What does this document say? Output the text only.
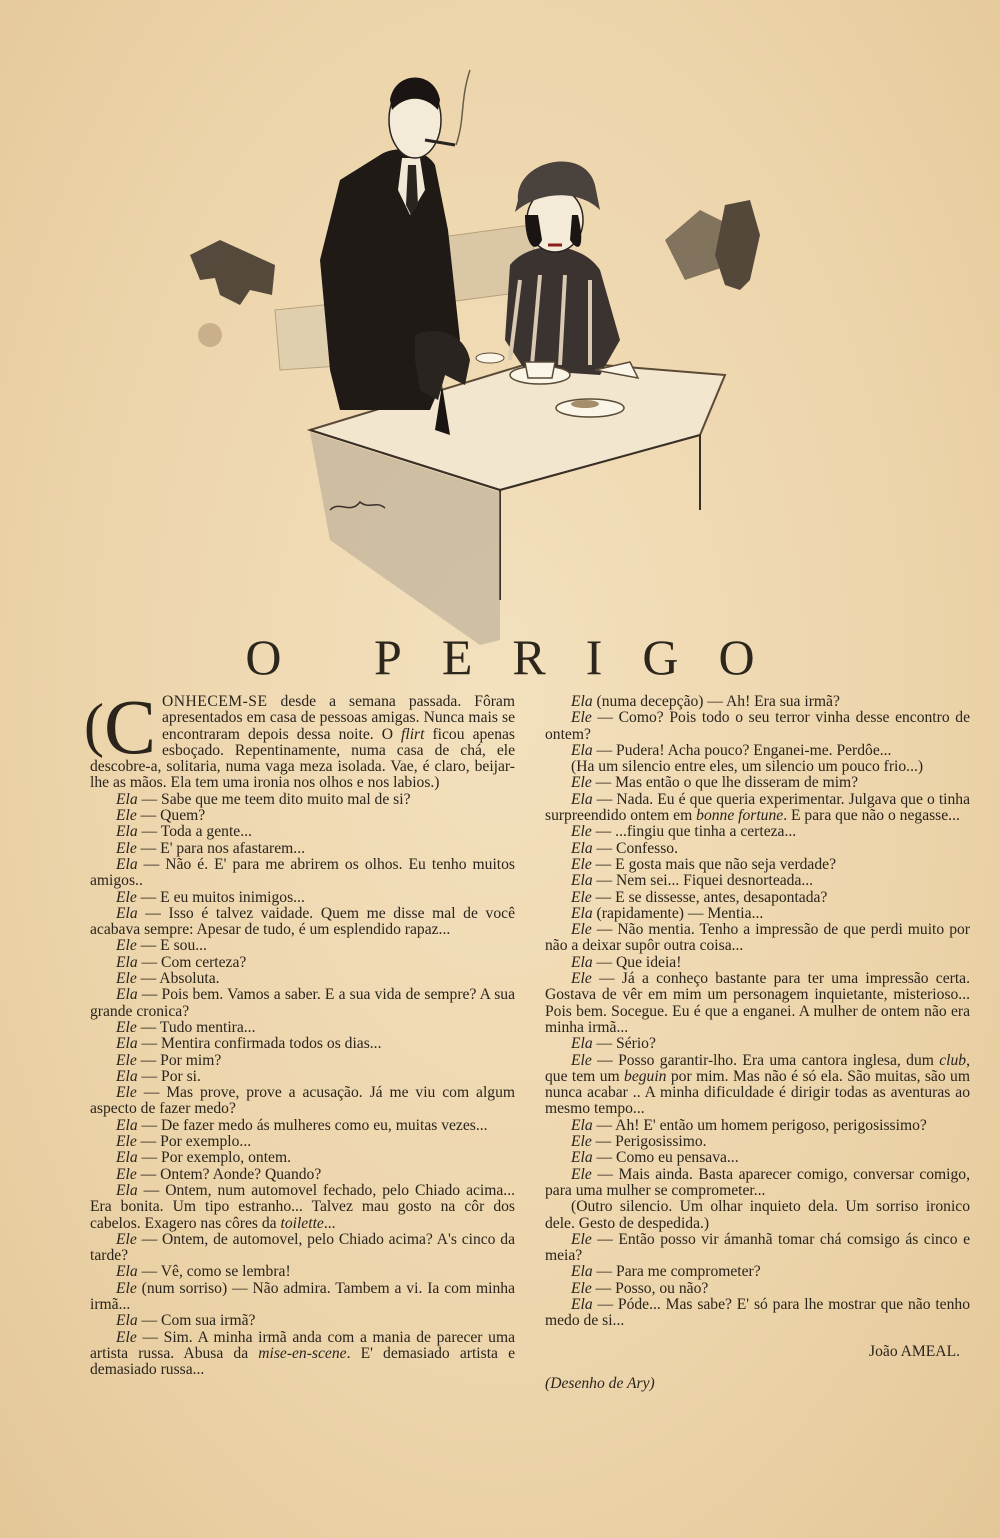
O PERIGO

(C ONHECEM-SE desde a semana passada. Fôram apresentados em casa de pessoas amigas. Nunca mais se encontraram depois dessa noite. O flirt ficou apenas esboçado. Repentinamente, numa casa de chá, ele descobre-a, solitaria, numa vaga meza isolada. Vae, é claro, beijar-lhe as mãos. Ela tem uma ironia nos olhos e nos labios.)

Ela — Sabe que me teem dito muito mal de si?

Ele — Quem?

Ela — Toda a gente...

Ele — E' para nos afastarem...

Ela — Não é. E' para me abrirem os olhos. Eu tenho muitos amigos..

Ele — E eu muitos inimigos...

Ela — Isso é talvez vaidade. Quem me disse mal de você acabava sempre: Apesar de tudo, é um esplendido rapaz...

Ele — E sou...

Ela — Com certeza?

Ele — Absoluta.

Ela — Pois bem. Vamos a saber. E a sua vida de sempre? A sua grande cronica?

Ele — Tudo mentira...

Ela — Mentira confirmada todos os dias...

Ele — Por mim?

Ela — Por si.

Ele — Mas prove, prove a acusação. Já me viu com algum aspecto de fazer medo?

Ela — De fazer medo ás mulheres como eu, muitas vezes...

Ele — Por exemplo...

Ela — Por exemplo, ontem.

Ele — Ontem? Aonde? Quando?

Ela — Ontem, num automovel fechado, pelo Chiado acima... Era bonita. Um tipo estranho... Talvez mau gosto na côr dos cabelos. Exagero nas côres da toilette...

Ele — Ontem, de automovel, pelo Chiado acima? A's cinco da tarde?

Ela — Vê, como se lembra!

Ele (num sorriso) — Não admira. Tambem a vi. Ia com minha irmã...

Ela — Com sua irmã?

Ele — Sim. A minha irmã anda com a mania de parecer uma artista russa. Abusa da mise-en-scene. E' demasiado artista e demasiado russa...

Ela (numa decepção) — Ah! Era sua irmã?

Ele — Como? Pois todo o seu terror vinha desse encontro de ontem?

Ela — Pudera! Acha pouco? Enganei-me. Perdôe...

(Ha um silencio entre eles, um silencio um pouco frio...)

Ele — Mas então o que lhe disseram de mim?

Ela — Nada. Eu é que queria experimentar. Julgava que o tinha surpreendido ontem em bonne fortune. E para que não o negasse...

Ele — ...fingiu que tinha a certeza...

Ela — Confesso.

Ele — E gosta mais que não seja verdade?

Ela — Nem sei... Fiquei desnorteada...

Ele — E se dissesse, antes, desapontada?

Ela (rapidamente) — Mentia...

Ele — Não mentia. Tenho a impressão de que perdi muito por não a deixar supôr outra coisa...

Ela — Que ideia!

Ele — Já a conheço bastante para ter uma impressão certa. Gostava de vêr em mim um personagem inquietante, misterioso... Pois bem. Socegue. Eu é que a enganei. A mulher de ontem não era minha irmã...

Ela — Sério?

Ele — Posso garantir-lho. Era uma cantora inglesa, dum club, que tem um beguin por mim. Mas não é só ela. São muitas, são um nunca acabar .. A minha dificuldade é dirigir todas as aventuras ao mesmo tempo...

Ela — Ah! E' então um homem perigoso, perigosissimo?

Ele — Perigosissimo.

Ela — Como eu pensava...

Ele — Mais ainda. Basta aparecer comigo, conversar comigo, para uma mulher se comprometer...

(Outro silencio. Um olhar inquieto dela. Um sorriso ironico dele. Gesto de despedida.)

Ele — Então posso vir ámanhã tomar chá comsigo ás cinco e meia?

Ela — Para me comprometer?

Ele — Posso, ou não?

Ela — Póde... Mas sabe? E' só para lhe mostrar que não tenho medo de si...

João AMEAL.

(Desenho de Ary)
